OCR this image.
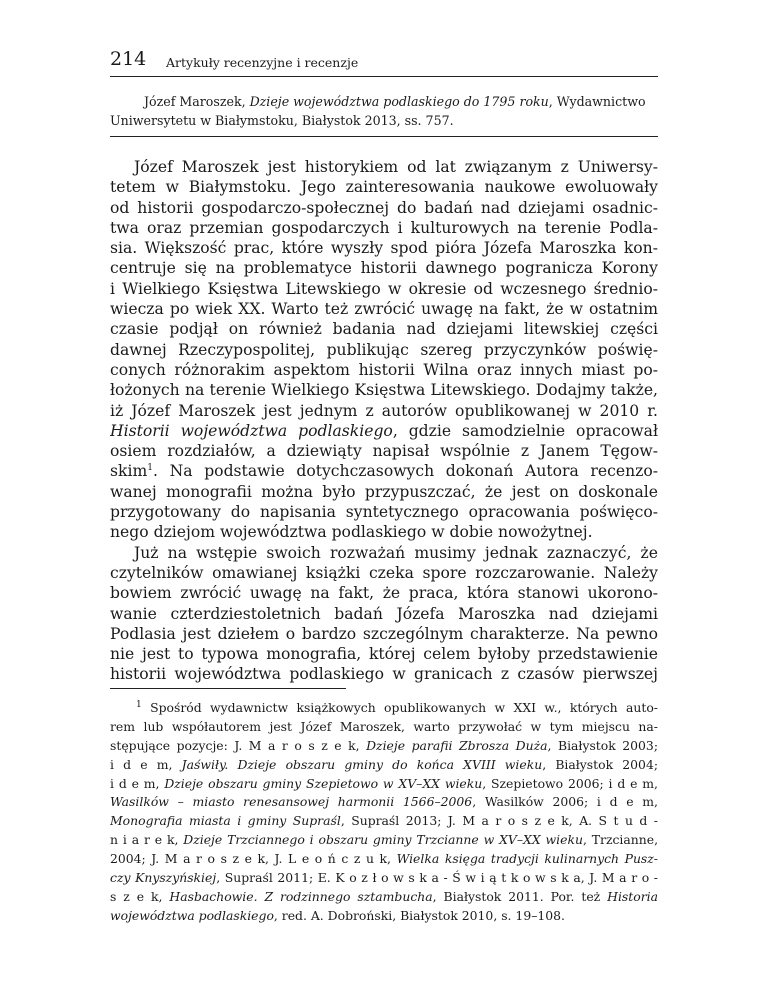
214 Artykuły recenzyjne i recenzje
Józef Maroszek, Dzieje województwa podlaskiego do 1795 roku, Wydawnictwo
Uniwersytetu w Białymstoku, Białystok 2013, ss. 757.
Józef Maroszek jest historykiem od lat związanym z Uniwersy-
tetem w Białymstoku. Jego zainteresowania naukowe ewoluowały
od historii gospodarczo-społecznej do badań nad dziejami osadnic-
twa oraz przemian gospodarczych i kulturowych na terenie Podla-
sia. Większość prac, które wyszły spod pióra Józefa Maroszka kon-
centruje się na problematyce historii dawnego pogranicza Korony
i Wielkiego Księstwa Litewskiego w okresie od wczesnego średnio-
wiecza po wiek XX. Warto też zwrócić uwagę na fakt, że w ostatnim
czasie podjął on również badania nad dziejami litewskiej części
dawnej Rzeczypospolitej, publikując szereg przyczynków poświę-
conych różnorakim aspektom historii Wilna oraz innych miast po-
łożonych na terenie Wielkiego Księstwa Litewskiego. Dodajmy także,
iż Józef Maroszek jest jednym z autorów opublikowanej w 2010 r.
Historii województwa podlaskiego, gdzie samodzielnie opracował
osiem rozdziałów, a dziewiąty napisał wspólnie z Janem Tęgow-
skim$^1$. Na podstawie dotychczasowych dokonań Autora recenzo-
wanej monografii można było przypuszczać, że jest on doskonale
przygotowany do napisania syntetycznego opracowania poświęco-
nego dziejom województwa podlaskiego w dobie nowożytnej.
Już na wstępie swoich rozważań musimy jednak zaznaczyć, że
czytelników omawianej książki czeka spore rozczarowanie. Należy
bowiem zwrócić uwagę na fakt, że praca, która stanowi ukorono-
wanie czterdziestoletnich badań Józefa Maroszka nad dziejami
Podlasia jest dziełem o bardzo szczególnym charakterze. Na pewno
nie jest to typowa monografia, której celem byłoby przedstawienie
historii województwa podlaskiego w granicach z czasów pierwszej
$^1$ Spośród wydawnictw książkowych opublikowanych w XXI w., których auto-
rem lub współautorem jest Józef Maroszek, warto przywołać w tym miejscu na-
stępujące pozycje: J. M a r o s z e k, Dzieje parafii Zbrosza Duża, Białystok 2003;
i d e m, Jaświły. Dzieje obszaru gminy do końca XVIII wieku, Białystok 2004;
i d e m, Dzieje obszaru gminy Szepietowo w XV–XX wieku, Szepietowo 2006; i d e m,
Wasilków – miasto renesansowej harmonii 1566–2006, Wasilków 2006; i d e m,
Monografia miasta i gminy Supraśl, Supraśl 2013; J. M a r o s z e k, A. S t u d -
n i a r e k, Dzieje Trzciannego i obszaru gminy Trzcianne w XV–XX wieku, Trzcianne,
2004; J. M a r o s z e k, J. L e o ń c z u k, Wielka księga tradycji kulinarnych Pusz-
czy Knyszyńskiej, Supraśl 2011; E. K o z ł o w s k a - Ś w i ą t k o w s k a, J. M a r o -
s z e k, Hasbachowie. Z rodzinnego sztambucha, Białystok 2011. Por. też Historia
województwa podlaskiego, red. A. Dobroński, Białystok 2010, s. 19–108.
